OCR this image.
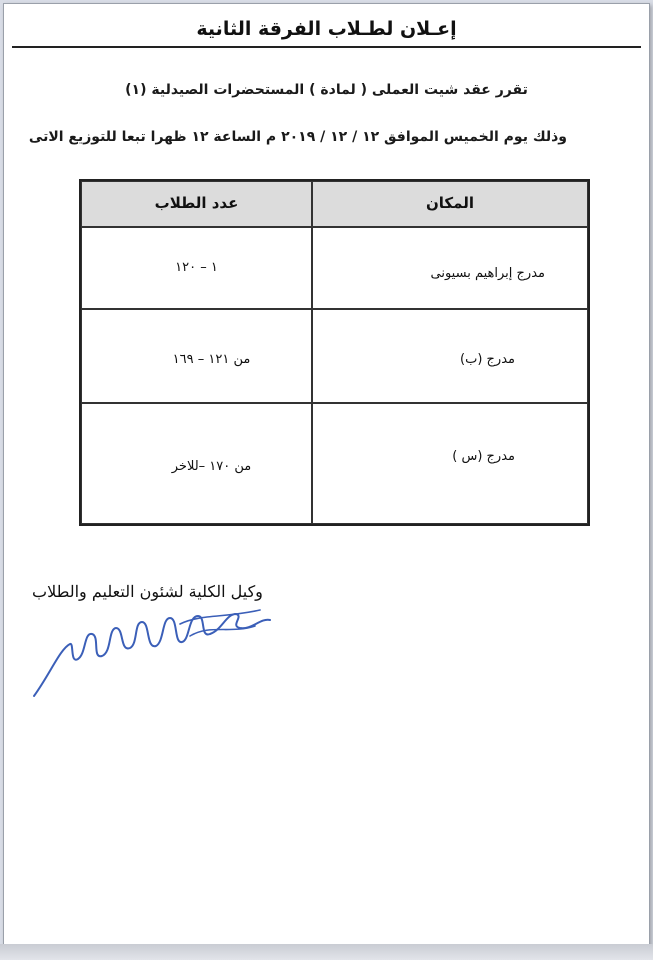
إعـلان لطـلاب الفرقة الثانية
تقرر عقد شيت العملى ( لمادة ) المستحضرات الصيدلية (١)
وذلك يوم الخميس الموافق ١٢ / ١٢ / ٢٠١٩ م الساعة ١٢ ظهرا تبعا للتوزيع الاتى
المكان
عدد الطلاب
مدرج إبراهيم بسيونى
١ – ١٢٠
مدرج (ب)
من ١٢١ – ١٦٩
مدرج (س )
من ١٧٠ –للاخر
وكيل الكلية لشئون التعليم والطلاب
